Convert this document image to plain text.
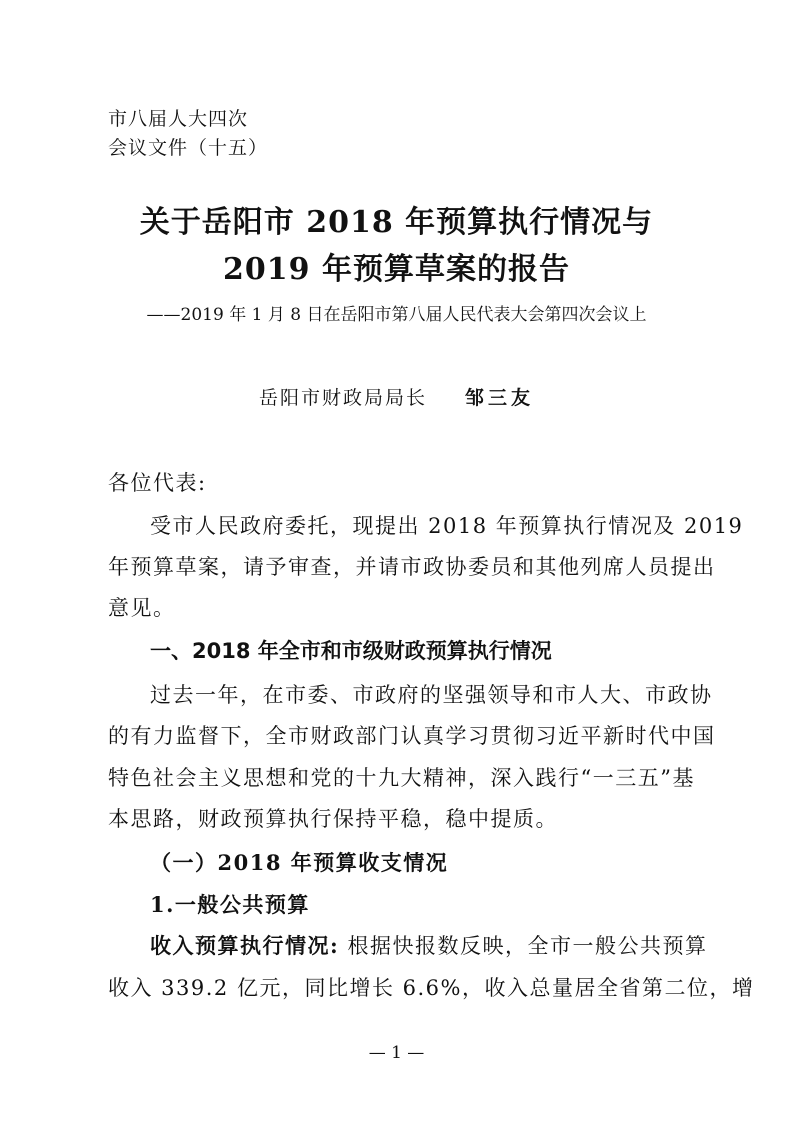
市八届人大四次
会议文件（十五）
关于岳阳市 2018 年预算执行情况与
2019 年预算草案的报告
——2019 年 1 月 8 日在岳阳市第八届人民代表大会第四次会议上
岳阳市财政局局长 邹三友
各位代表:
受市人民政府委托，现提出 2018 年预算执行情况及 2019
年预算草案，请予审查，并请市政协委员和其他列席人员提出
意见。
一、2018 年全市和市级财政预算执行情况
过去一年，在市委、市政府的坚强领导和市人大、市政协
的有力监督下，全市财政部门认真学习贯彻习近平新时代中国
特色社会主义思想和党的十九大精神，深入践行“一三五”基
本思路，财政预算执行保持平稳，稳中提质。
（一）2018 年预算收支情况
1.一般公共预算
收入预算执行情况: 根据快报数反映，全市一般公共预算
收入 339.2 亿元，同比增长 6.6%，收入总量居全省第二位，增
— 1 —
